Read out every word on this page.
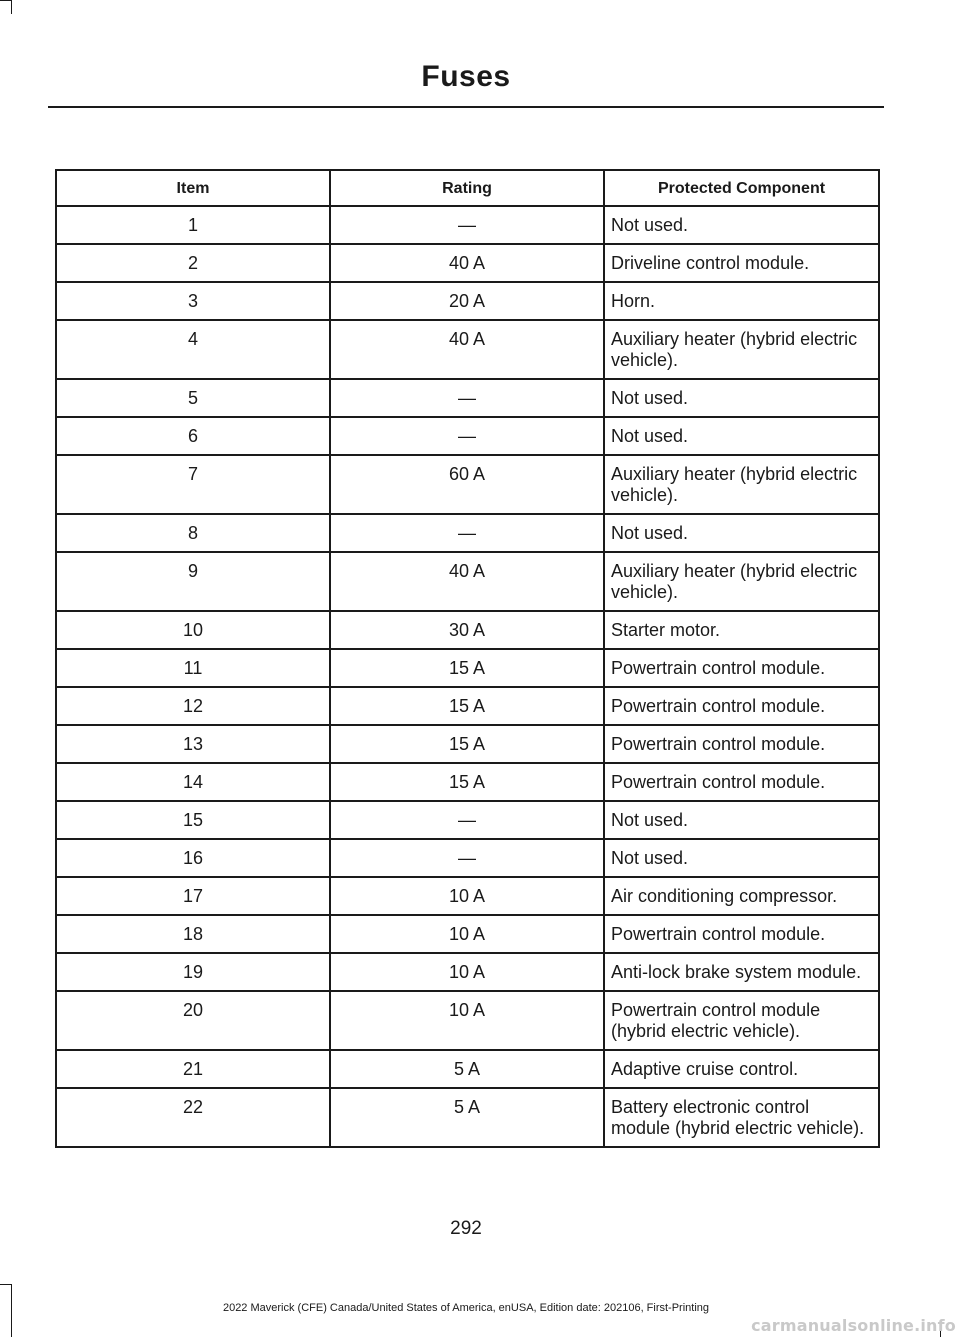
Fuses
Item	Rating	Protected Component
1	—	Not used.
2	40 A	Driveline control module.
3	20 A	Horn.
4	40 A	Auxiliary heater (hybrid electric vehicle).
5	—	Not used.
6	—	Not used.
7	60 A	Auxiliary heater (hybrid electric vehicle).
8	—	Not used.
9	40 A	Auxiliary heater (hybrid electric vehicle).
10	30 A	Starter motor.
11	15 A	Powertrain control module.
12	15 A	Powertrain control module.
13	15 A	Powertrain control module.
14	15 A	Powertrain control module.
15	—	Not used.
16	—	Not used.
17	10 A	Air conditioning compressor.
18	10 A	Powertrain control module.
19	10 A	Anti-lock brake system module.
20	10 A	Powertrain control module (hybrid electric vehicle).
21	5 A	Adaptive cruise control.
22	5 A	Battery electronic control module (hybrid electric vehicle).
292
2022 Maverick (CFE) Canada/United States of America, enUSA, Edition date: 202106, First-Printing
carmanualsonline.info
